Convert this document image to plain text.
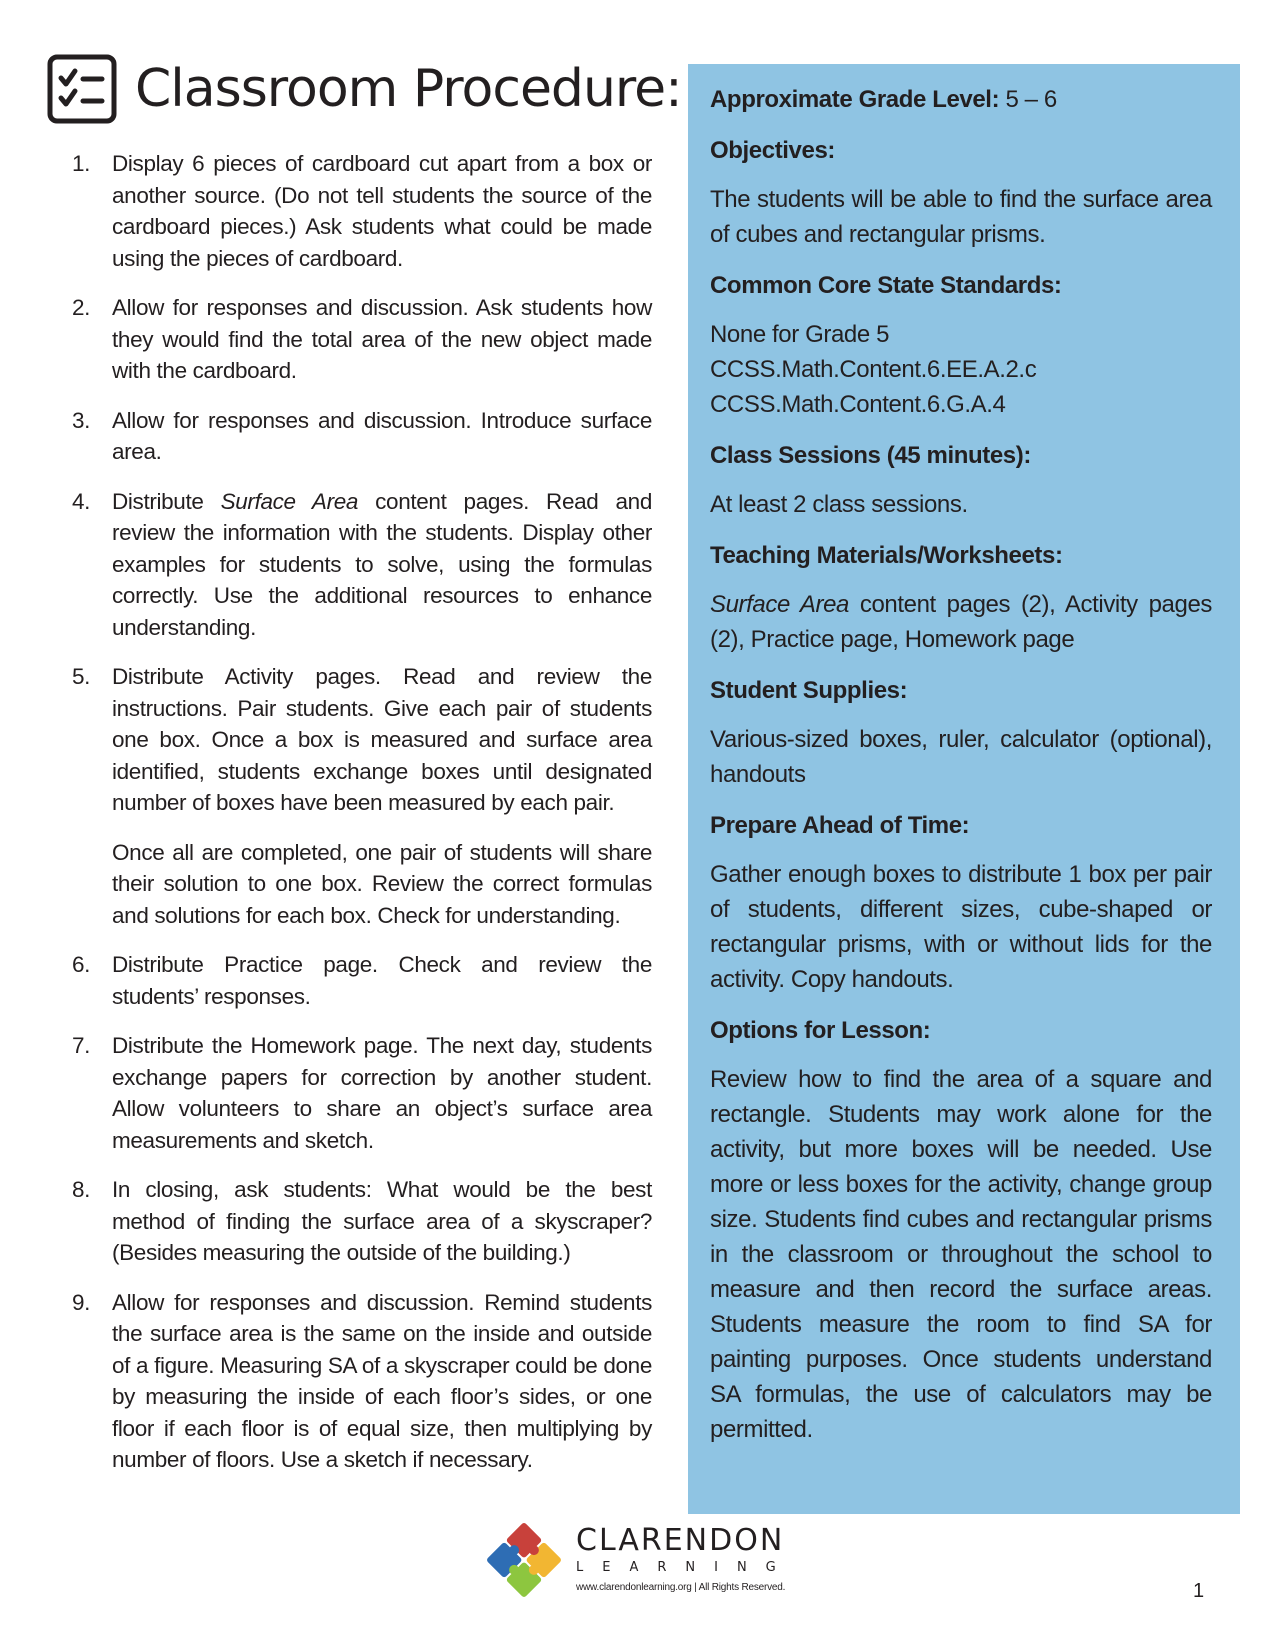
Classroom Procedure:
1. Display 6 pieces of cardboard cut apart from a box or another source. (Do not tell students the source of the cardboard pieces.) Ask students what could be made using the pieces of cardboard.

2. Allow for responses and discussion. Ask students how they would find the total area of the new object made with the cardboard.

3. Allow for responses and discussion. Introduce surface area.

4. Distribute Surface Area content pages. Read and review the information with the students. Display other examples for students to solve, using the formulas correctly. Use the additional resources to enhance understanding.

5. Distribute Activity pages. Read and review the instructions. Pair students. Give each pair of students one box. Once a box is measured and surface area identified, students exchange boxes until designated number of boxes have been measured by each pair.

Once all are completed, one pair of students will share their solution to one box. Review the correct formulas and solutions for each box. Check for understanding.

6. Distribute Practice page. Check and review the students’ responses.

7. Distribute the Homework page. The next day, students exchange papers for correction by another student. Allow volunteers to share an object’s surface area measurements and sketch.

8. In closing, ask students: What would be the best method of finding the surface area of a skyscraper? (Besides measuring the outside of the building.)

9. Allow for responses and discussion. Remind students the surface area is the same on the inside and outside of a figure. Measuring SA of a skyscraper could be done by measuring the inside of each floor’s sides, or one floor if each floor is of equal size, then multiplying by number of floors. Use a sketch if necessary.

Approximate Grade Level: 5 – 6
Objectives:

The students will be able to find the surface area of cubes and rectangular prisms.

Common Core State Standards:

None for Grade 5
CCSS.Math.Content.6.EE.A.2.c
CCSS.Math.Content.6.G.A.4

Class Sessions (45 minutes):

At least 2 class sessions.

Teaching Materials/Worksheets:

Surface Area content pages (2), Activity pages (2), Practice page, Homework page

Student Supplies:

Various-sized boxes, ruler, calculator (optional), handouts

Prepare Ahead of Time:

Gather enough boxes to distribute 1 box per pair of students, different sizes, cube-shaped or rectangular prisms, with or without lids for the activity. Copy handouts.

Options for Lesson:

Review how to find the area of a square and rectangle. Students may work alone for the activity, but more boxes will be needed. Use more or less boxes for the activity, change group size. Students find cubes and rectangular prisms in the classroom or throughout the school to measure and then record the surface areas. Students measure the room to find SA for painting purposes. Once students understand SA formulas, the use of calculators may be permitted.

CLARENDON
LEARNING
www.clarendonlearning.org | All Rights Reserved.	1
